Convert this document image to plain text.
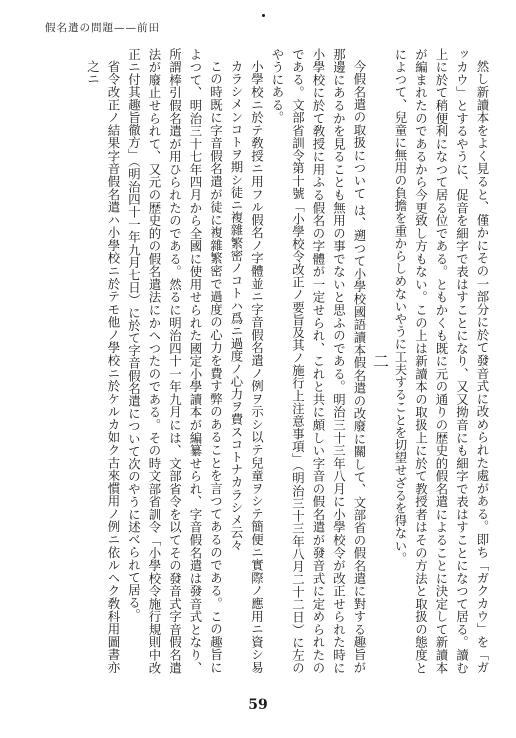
假名遣の問題——前田

然し新讀本をよく見ると、僅かにその一部分に於て發音式に改められた處がある。即ち「ガクカウ」を「ガッカウ」とするやうに、促音を細字で表はすことになり、又又拗音にも細字で表はすことになつて居る。讀む上に於て稍便利になつて居る位である。ともかくも既に元の通りの歴史的假名遣によることに決定して新讀本が編まれたのであるから今更致し方もない。この上は新讀本の取扱上に於て教授者はその方法と取扱の態度とによつて、兒童に無用の負擔を重からしめないやうに工夫することを切望せざるを得ない。

二

今假名遣の取扱について は、遡つて小學校國語讀本假名遣の改廢に關して、文部省の假名遣に對する趣旨が那邊にあるかを見ることも無用の事でないと思ふのである。明治三十三年八月に小學校令が改正せられた時に小學校に於て敎授に用ふる假名の字體が一定せられ、これと共に頗しい字音の假名遣が發音式に定められたのである。文部省訓令第十號「小學校令改正ノ要旨及其ノ施行上注意事項」（明治三十三年八月二十二日）に左のやうにある。

小學校ニ於テ敎授ニ用フル假名ノ字體並ニ字音假名遣ノ例ヲ示シ以テ兒童ヲシテ簡便ニ實際ノ應用ニ資シ易カラシメンコトヲ期シ徒ニ複雜繁密ノコトハ爲ニ過度ノ心力ヲ費スコトナカラシメ云々

この時既に字音假名遣が徒に複雜繁密で過度の心力を費す弊のあることを言つてあるのである。この趣旨によつて、明治三十七年四月から全國に使用せられた國定小學讀本が編纂せられ、字音假名遣は發音式となり、所謂棒引假名遣が用ひられたのである。然るに明治四十一年九月には、文部省令を以てその發音式字音假名遣法が廢止せられて、又元の歴史的の假名遣法にかへつたのである。その時文部省訓令「小學校令施行規則中改正ニ付其趣旨徹方」（明治四十一年九月七日）に於て字音假名遣について次のやうに述べられて居る。

省令改正ノ結果字音假名遣ハ小學校ニ於テモ他ノ學校ニ於ケルカ如ク古來慣用ノ例ニ依ルヘク敎科用圖書亦之ニ

59
